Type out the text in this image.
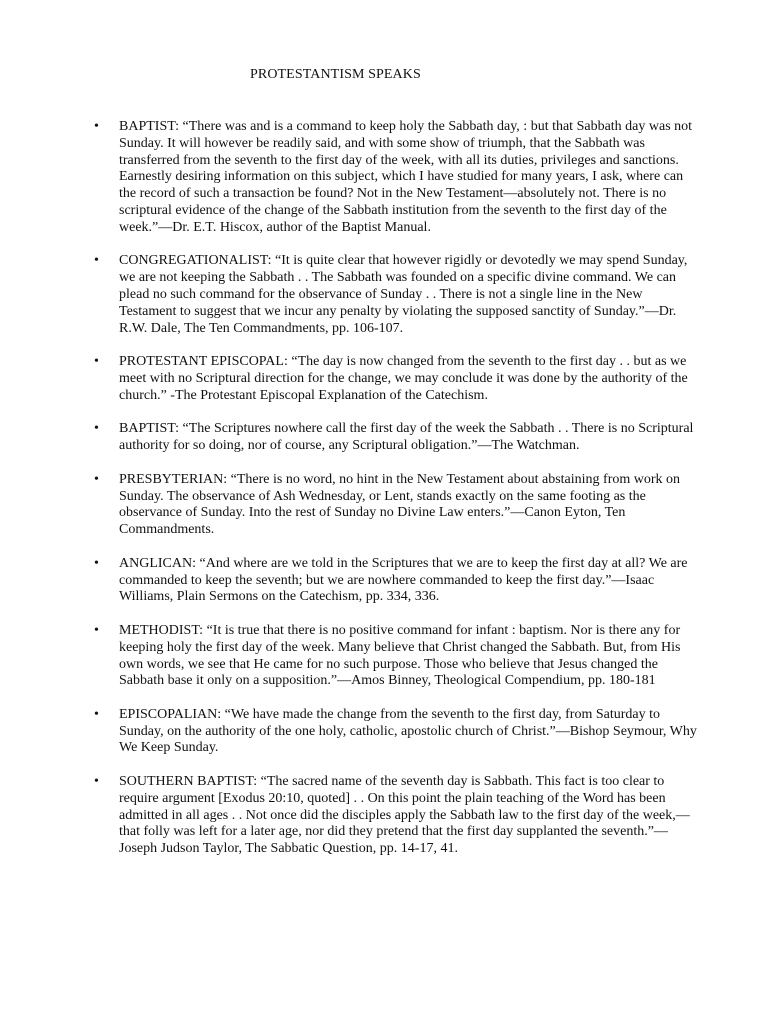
PROTESTANTISM SPEAKS
• BAPTIST: “There was and is a command to keep holy the Sabbath day, : but that Sabbath day was not Sunday. It will however be readily said, and with some show of triumph, that the Sabbath was transferred from the seventh to the first day of the week, with all its duties, privileges and sanctions. Earnestly desiring information on this subject, which I have studied for many years, I ask, where can the record of such a transaction be found? Not in the New Testament—absolutely not. There is no scriptural evidence of the change of the Sabbath institution from the seventh to the first day of the week.”—Dr. E.T. Hiscox, author of the Baptist Manual.
• CONGREGATIONALIST: “It is quite clear that however rigidly or devotedly we may spend Sunday, we are not keeping the Sabbath . . The Sabbath was founded on a specific divine command. We can plead no such command for the observance of Sunday . . There is not a single line in the New Testament to suggest that we incur any penalty by violating the supposed sanctity of Sunday.”—Dr. R.W. Dale, The Ten Commandments, pp. 106-107.
• PROTESTANT EPISCOPAL: “The day is now changed from the seventh to the first day . . but as we meet with no Scriptural direction for the change, we may conclude it was done by the authority of the church.” -The Protestant Episcopal Explanation of the Catechism.
• BAPTIST: “The Scriptures nowhere call the first day of the week the Sabbath . . There is no Scriptural authority for so doing, nor of course, any Scriptural obligation.”—The Watchman.
• PRESBYTERIAN: “There is no word, no hint in the New Testament about abstaining from work on Sunday. The observance of Ash Wednesday, or Lent, stands exactly on the same footing as the observance of Sunday. Into the rest of Sunday no Divine Law enters.”—Canon Eyton, Ten Commandments.
• ANGLICAN: “And where are we told in the Scriptures that we are to keep the first day at all? We are commanded to keep the seventh; but we are nowhere commanded to keep the first day.”—Isaac Williams, Plain Sermons on the Catechism, pp. 334, 336.
• METHODIST: “It is true that there is no positive command for infant : baptism. Nor is there any for keeping holy the first day of the week. Many believe that Christ changed the Sabbath. But, from His own words, we see that He came for no such purpose. Those who believe that Jesus changed the Sabbath base it only on a supposition.”—Amos Binney, Theological Compendium, pp. 180-181
• EPISCOPALIAN: “We have made the change from the seventh to the first day, from Saturday to Sunday, on the authority of the one holy, catholic, apostolic church of Christ.”—Bishop Seymour, Why We Keep Sunday.
• SOUTHERN BAPTIST: “The sacred name of the seventh day is Sabbath. This fact is too clear to require argument [Exodus 20:10, quoted] . . On this point the plain teaching of the Word has been admitted in all ages . . Not once did the disciples apply the Sabbath law to the first day of the week,—that folly was left for a later age, nor did they pretend that the first day supplanted the seventh.”—Joseph Judson Taylor, The Sabbatic Question, pp. 14-17, 41.
